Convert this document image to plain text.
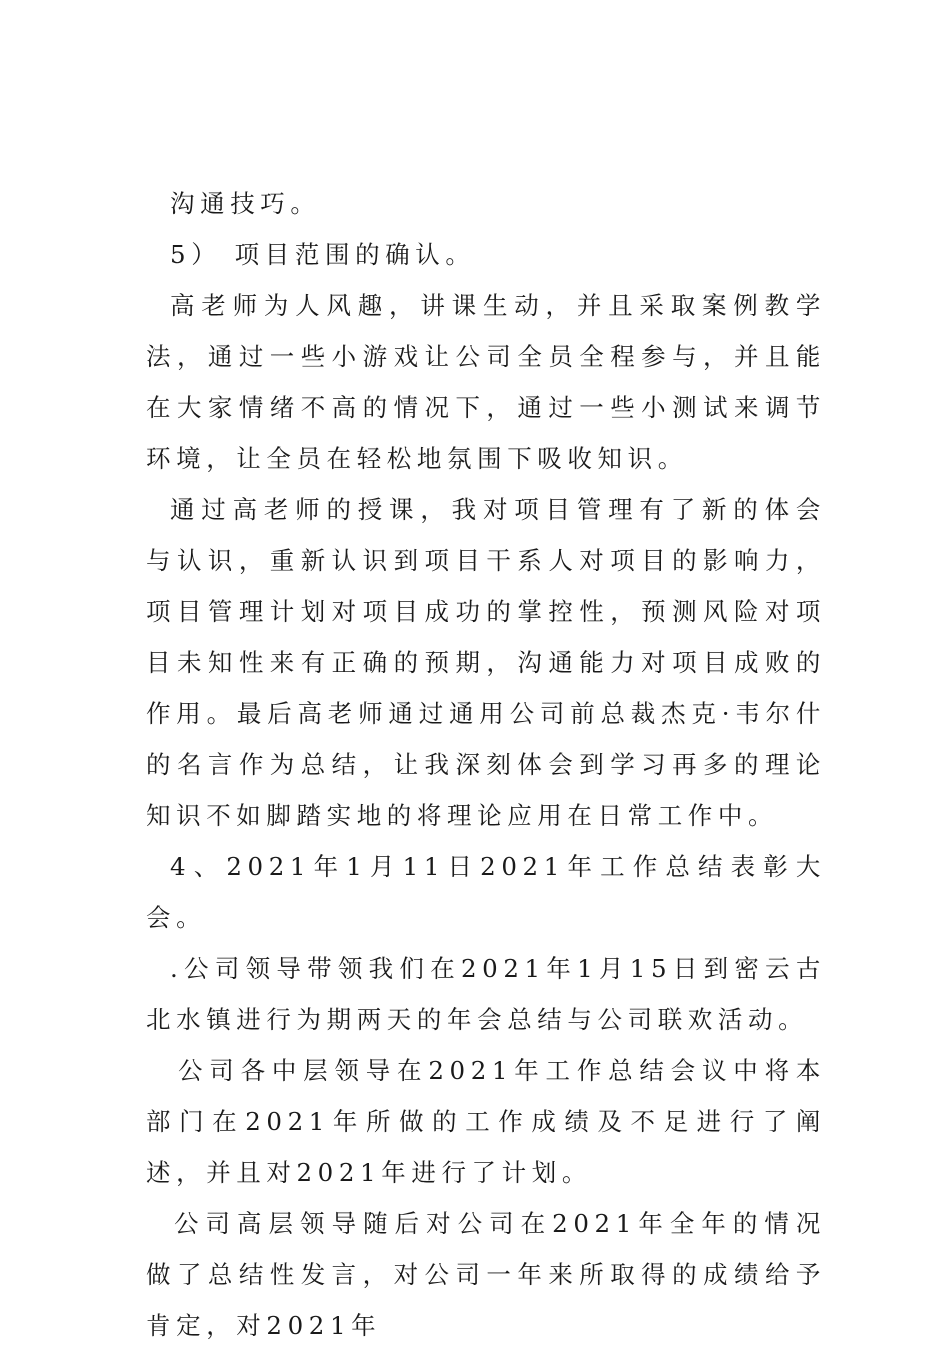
沟通技巧。

5） 项目范围的确认。

高老师为人风趣，讲课生动，并且采取案例教学法，通过一些小游戏让公司全员全程参与，并且能在大家情绪不高的情况下，通过一些小测试来调节环境，让全员在轻松地氛围下吸收知识。

通过高老师的授课，我对项目管理有了新的体会与认识，重新认识到项目干系人对项目的影响力，项目管理计划对项目成功的掌控性，预测风险对项目未知性来有正确的预期，沟通能力对项目成败的作用。最后高老师通过通用公司前总裁杰克·韦尔什的名言作为总结，让我深刻体会到学习再多的理论知识不如脚踏实地的将理论应用在日常工作中。

4、2021年1月11日2021年工作总结表彰大会。

.公司领导带领我们在2021年1月15日到密云古北水镇进行为期两天的年会总结与公司联欢活动。

公司各中层领导在2021年工作总结会议中将本部门在2021年所做的工作成绩及不足进行了阐述，并且对2021年进行了计划。

公司高层领导随后对公司在2021年全年的情况做了总结性发言，对公司一年来所取得的成绩给予肯定，对2021年
